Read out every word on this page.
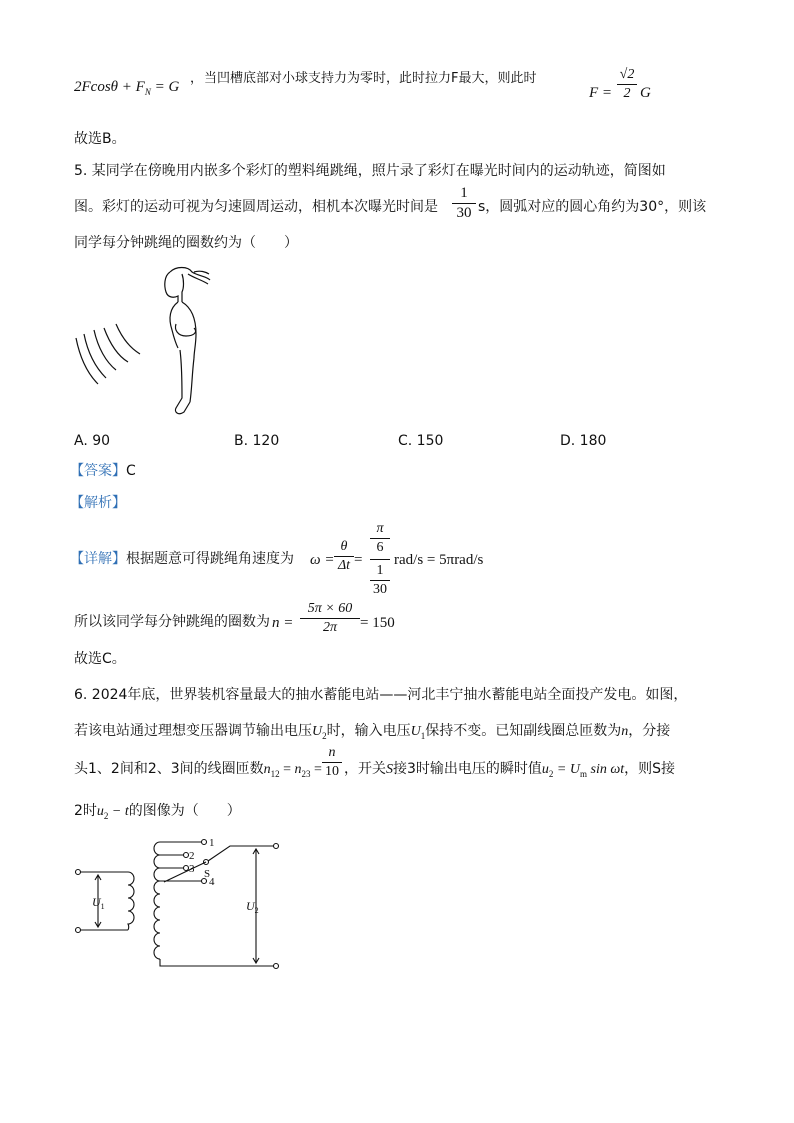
$2Fcos\theta + F_N = G$
， 当凹槽底部对小球支持力为零时，此时拉力F最大，则此时
F =
√2
2 G
故选B。
5. 某同学在傍晚用内嵌多个彩灯的塑料绳跳绳，照片录了彩灯在曝光时间内的运动轨迹，简图如
图。彩灯的运动可视为匀速圆周运动，相机本次曝光时间是
1
30 s，圆弧对应的圆心角约为30°，则该
同学每分钟跳绳的圈数约为（　　）
A. 90	B. 120	C. 150	D. 180
【答案】C
【解析】
【详解】根据题意可得跳绳角速度为 ω =
θ
Δt =
π
6
1
30
rad/s = 5πrad/s
所以该同学每分钟跳绳的圈数为 n =
5π × 60
2π	= 150
故选C。
6. 2024年底，世界装机容量最大的抽水蓄能电站——河北丰宁抽水蓄能电站全面投产发电。如图，
若该电站通过理想变压器调节输出电压$U_2$时，输入电压$U_1$保持不变。已知副线圈总匝数为n，分接
头1、2间和2、3间的线圈匝数$n_{12} = n_{23}$ =
n
10 ，开关S接3时输出电压的瞬时值$u_2 = U_m$ sin ωt，则S接
2时$u_2 - t$的图像为（　　）
1
2
3
4
S
$U_1$	$U_2$
